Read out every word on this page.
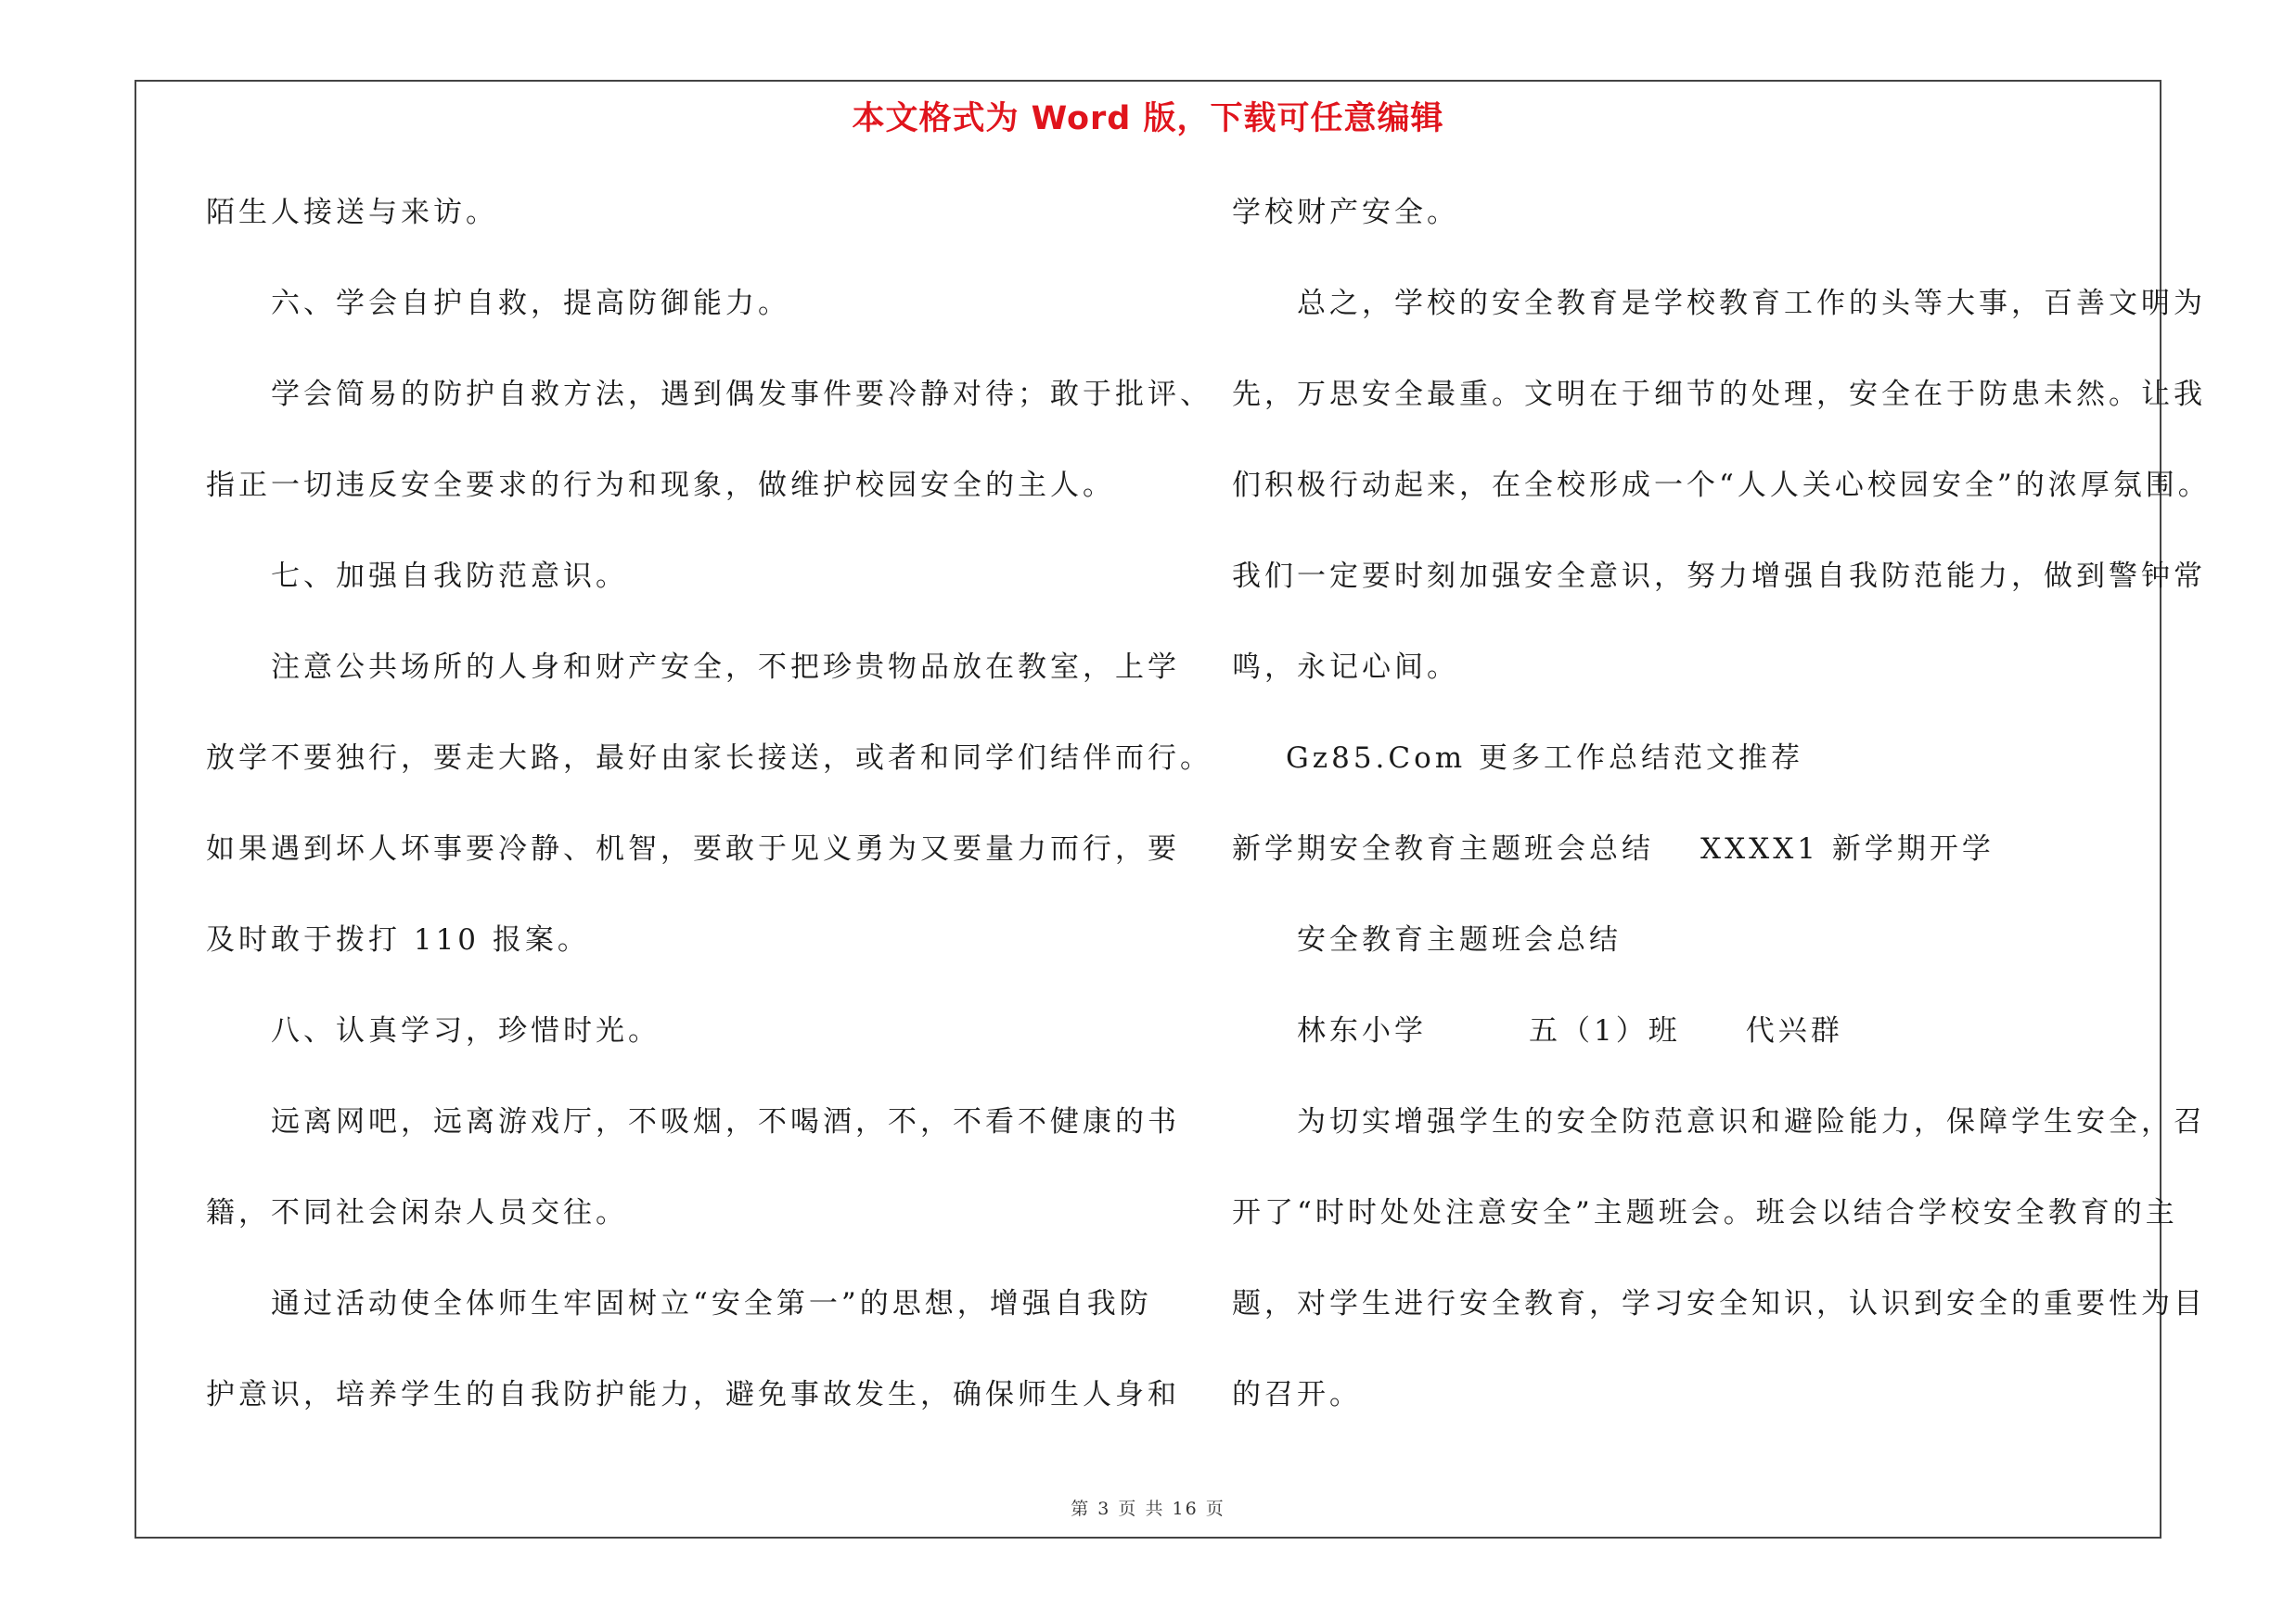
本文格式为 Word 版，下载可任意编辑
陌生人接送与来访。
六、学会自护自救，提高防御能力。
学会简易的防护自救方法，遇到偶发事件要冷静对待；敢于批评、
指正一切违反安全要求的行为和现象，做维护校园安全的主人。
七、加强自我防范意识。
注意公共场所的人身和财产安全，不把珍贵物品放在教室，上学
放学不要独行，要走大路，最好由家长接送，或者和同学们结伴而行。
如果遇到坏人坏事要冷静、机智，要敢于见义勇为又要量力而行，要
及时敢于拨打 110 报案。
八、认真学习，珍惜时光。
远离网吧，远离游戏厅，不吸烟，不喝酒，不，不看不健康的书
籍，不同社会闲杂人员交往。
通过活动使全体师生牢固树立“安全第一”的思想，增强自我防
护意识，培养学生的自我防护能力，避免事故发生，确保师生人身和
学校财产安全。
总之，学校的安全教育是学校教育工作的头等大事，百善文明为
先，万思安全最重。文明在于细节的处理，安全在于防患未然。让我
们积极行动起来，在全校形成一个“人人关心校园安全”的浓厚氛围。
我们一定要时刻加强安全意识，努力增强自我防范能力，做到警钟常
鸣，永记心间。
Gz85.Com 更多工作总结范文推荐
新学期安全教育主题班会总结 XXXX1 新学期开学
安全教育主题班会总结
林东小学	五（1）班 代兴群
为切实增强学生的安全防范意识和避险能力，保障学生安全，召
开了“时时处处注意安全”主题班会。班会以结合学校安全教育的主
题，对学生进行安全教育，学习安全知识，认识到安全的重要性为目
的召开。
第 3 页 共 16 页
